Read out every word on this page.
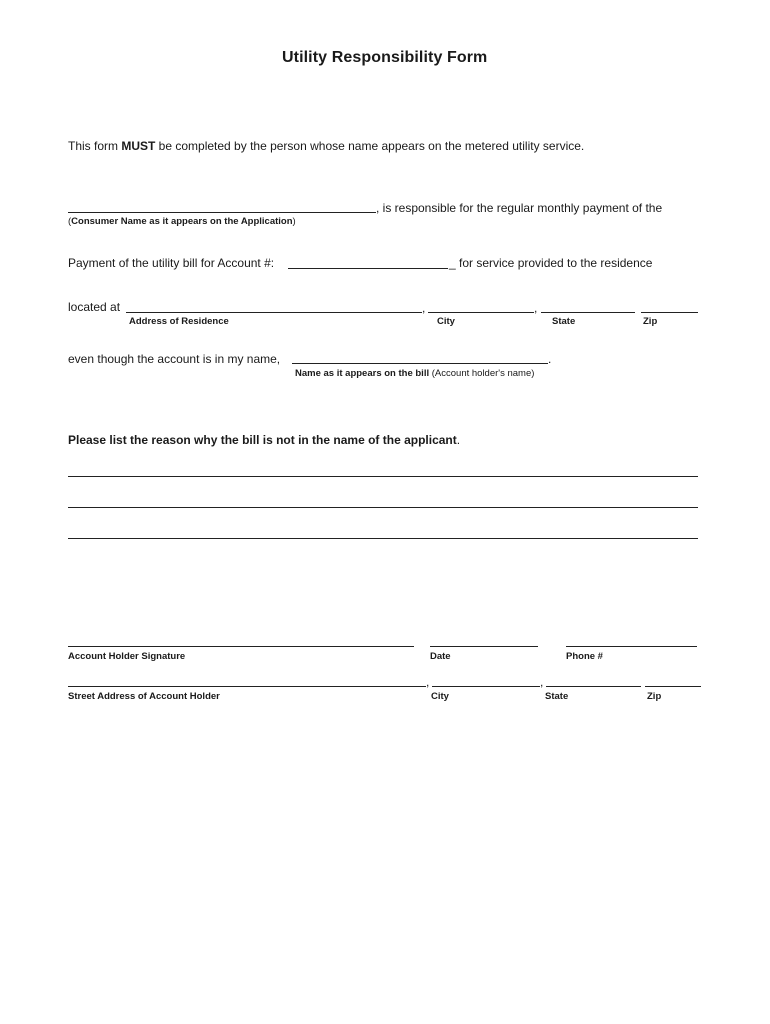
Utility Responsibility Form
This form MUST be completed by the person whose name appears on the metered utility service.
, is responsible for the regular monthly payment of the
(Consumer Name as it appears on the Application)
Payment of the utility bill for Account #:	_ for service provided to the residence
located at	,	,
Address of Residence	City	State	Zip
even though the account is in my name,	.
Name as it appears on the bill (Account holder's name)
Please list the reason why the bill is not in the name of the applicant.
Account Holder Signature	Date	Phone #
,	,
Street Address of Account Holder	City	State	Zip
